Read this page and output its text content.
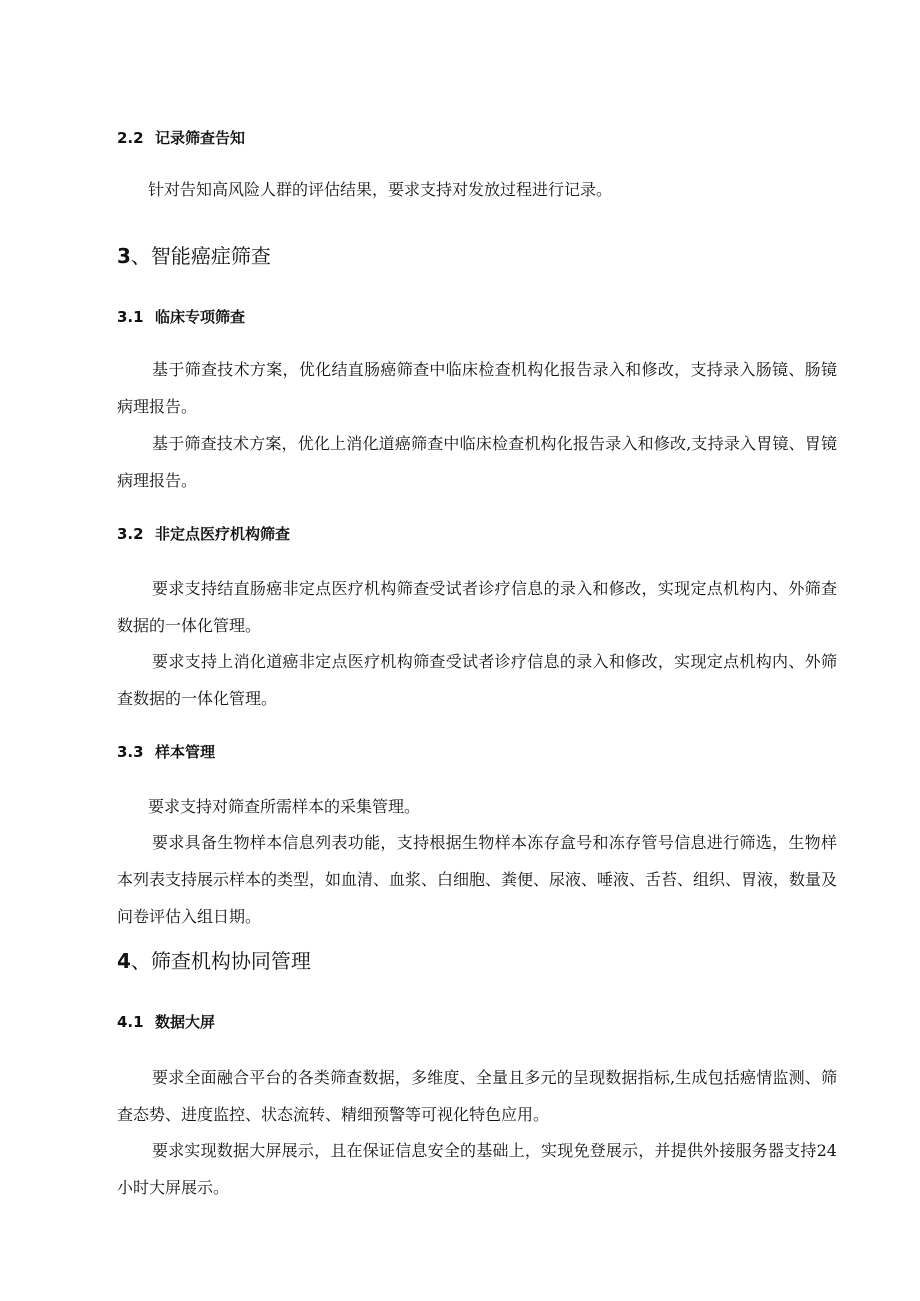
2.2 记录筛查告知
针对告知高风险人群的评估结果，要求支持对发放过程进行记录。
3、智能癌症筛查
3.1 临床专项筛查
基于筛查技术方案，优化结直肠癌筛查中临床检查机构化报告录入和修改，支持录入肠镜、肠镜病理报告。
基于筛查技术方案，优化上消化道癌筛查中临床检查机构化报告录入和修改,支持录入胃镜、胃镜病理报告。
3.2 非定点医疗机构筛查
要求支持结直肠癌非定点医疗机构筛查受试者诊疗信息的录入和修改，实现定点机构内、外筛查数据的一体化管理。
要求支持上消化道癌非定点医疗机构筛查受试者诊疗信息的录入和修改，实现定点机构内、外筛查数据的一体化管理。
3.3 样本管理
要求支持对筛查所需样本的采集管理。
要求具备生物样本信息列表功能，支持根据生物样本冻存盒号和冻存管号信息进行筛选，生物样本列表支持展示样本的类型，如血清、血浆、白细胞、粪便、尿液、唾液、舌苔、组织、胃液，数量及问卷评估入组日期。
4、筛查机构协同管理
4.1 数据大屏
要求全面融合平台的各类筛查数据，多维度、全量且多元的呈现数据指标,生成包括癌情监测、筛查态势、进度监控、状态流转、精细预警等可视化特色应用。
要求实现数据大屏展示，且在保证信息安全的基础上，实现免登展示，并提供外接服务器支持24小时大屏展示。
